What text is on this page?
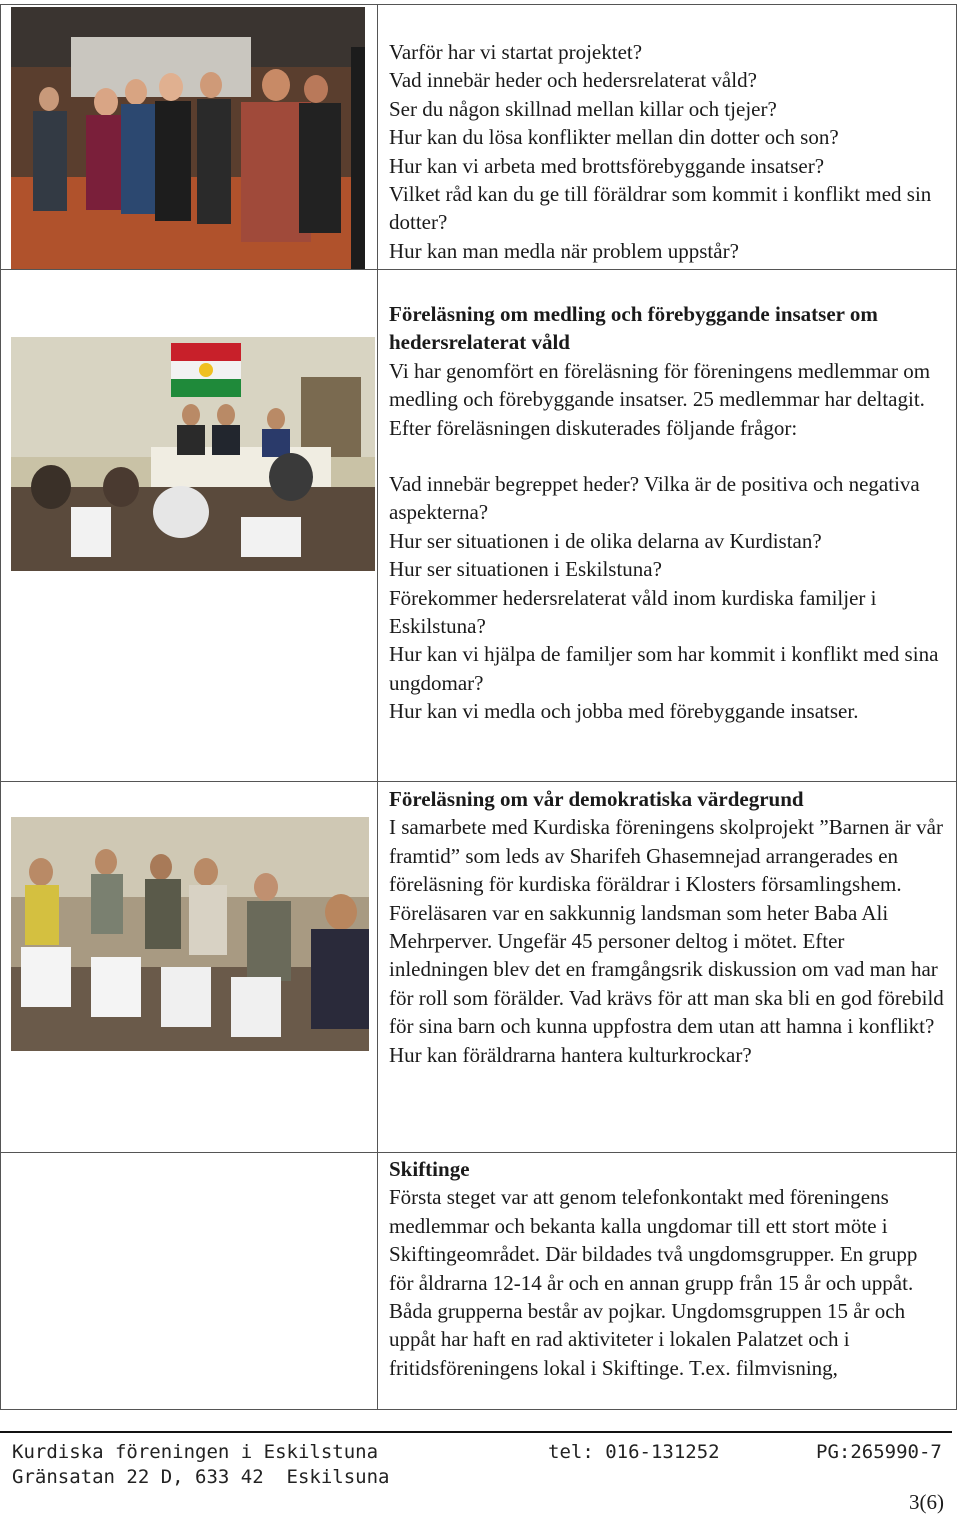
Varför har vi startat projektet?

Vad innebär heder och hedersrelaterat våld?

Ser du någon skillnad mellan killar och tjejer?

Hur kan du lösa konflikter mellan din dotter och son?

Hur kan vi arbeta med brottsförebyggande insatser?

Vilket råd kan du ge till föräldrar som kommit i konflikt med sin dotter?

Hur kan man medla när problem uppstår?

Föreläsning om medling och förebyggande insatser om hedersrelaterat våld

Vi har genomfört en föreläsning för föreningens medlemmar om medling och förebyggande insatser. 25 medlemmar har deltagit. Efter föreläsningen diskuterades följande frågor:

Vad innebär begreppet heder? Vilka är de positiva och negativa aspekterna?

Hur ser situationen i de olika delarna av Kurdistan?

Hur ser situationen i Eskilstuna?

Förekommer hedersrelaterat våld inom kurdiska familjer i Eskilstuna?

Hur kan vi hjälpa de familjer som har kommit i konflikt med sina ungdomar?

Hur kan vi medla och jobba med förebyggande insatser.

Föreläsning om vår demokratiska värdegrund

I samarbete med Kurdiska föreningens skolprojekt ”Barnen är vår framtid” som leds av Sharifeh Ghasemnejad arrangerades en föreläsning för kurdiska föräldrar i Klosters församlingshem. Föreläsaren var en sakkunnig landsman som heter Baba Ali Mehrperver. Ungefär 45 personer deltog i mötet. Efter inledningen blev det en framgångsrik diskussion om vad man har för roll som förälder. Vad krävs för att man ska bli en god förebild för sina barn och kunna uppfostra dem utan att hamna i konflikt? Hur kan föräldrarna hantera kulturkrockar?

Skiftinge

Första steget var att genom telefonkontakt med föreningens medlemmar och bekanta kalla ungdomar till ett stort möte i Skiftingeområdet. Där bildades två ungdomsgrupper. En grupp för åldrarna 12-14 år och en annan grupp från 15 år och uppåt. Båda grupperna består av pojkar. Ungdomsgruppen 15 år och uppåt har haft en rad aktiviteter i lokalen Palatzet och i fritidsföreningens lokal i Skiftinge. T.ex. filmvisning,

Kurdiska föreningen i Eskilstuna	tel: 016-131252	PG:265990-7
Gränsatan 22 D, 633 42  Eskilsuna
3(6)
